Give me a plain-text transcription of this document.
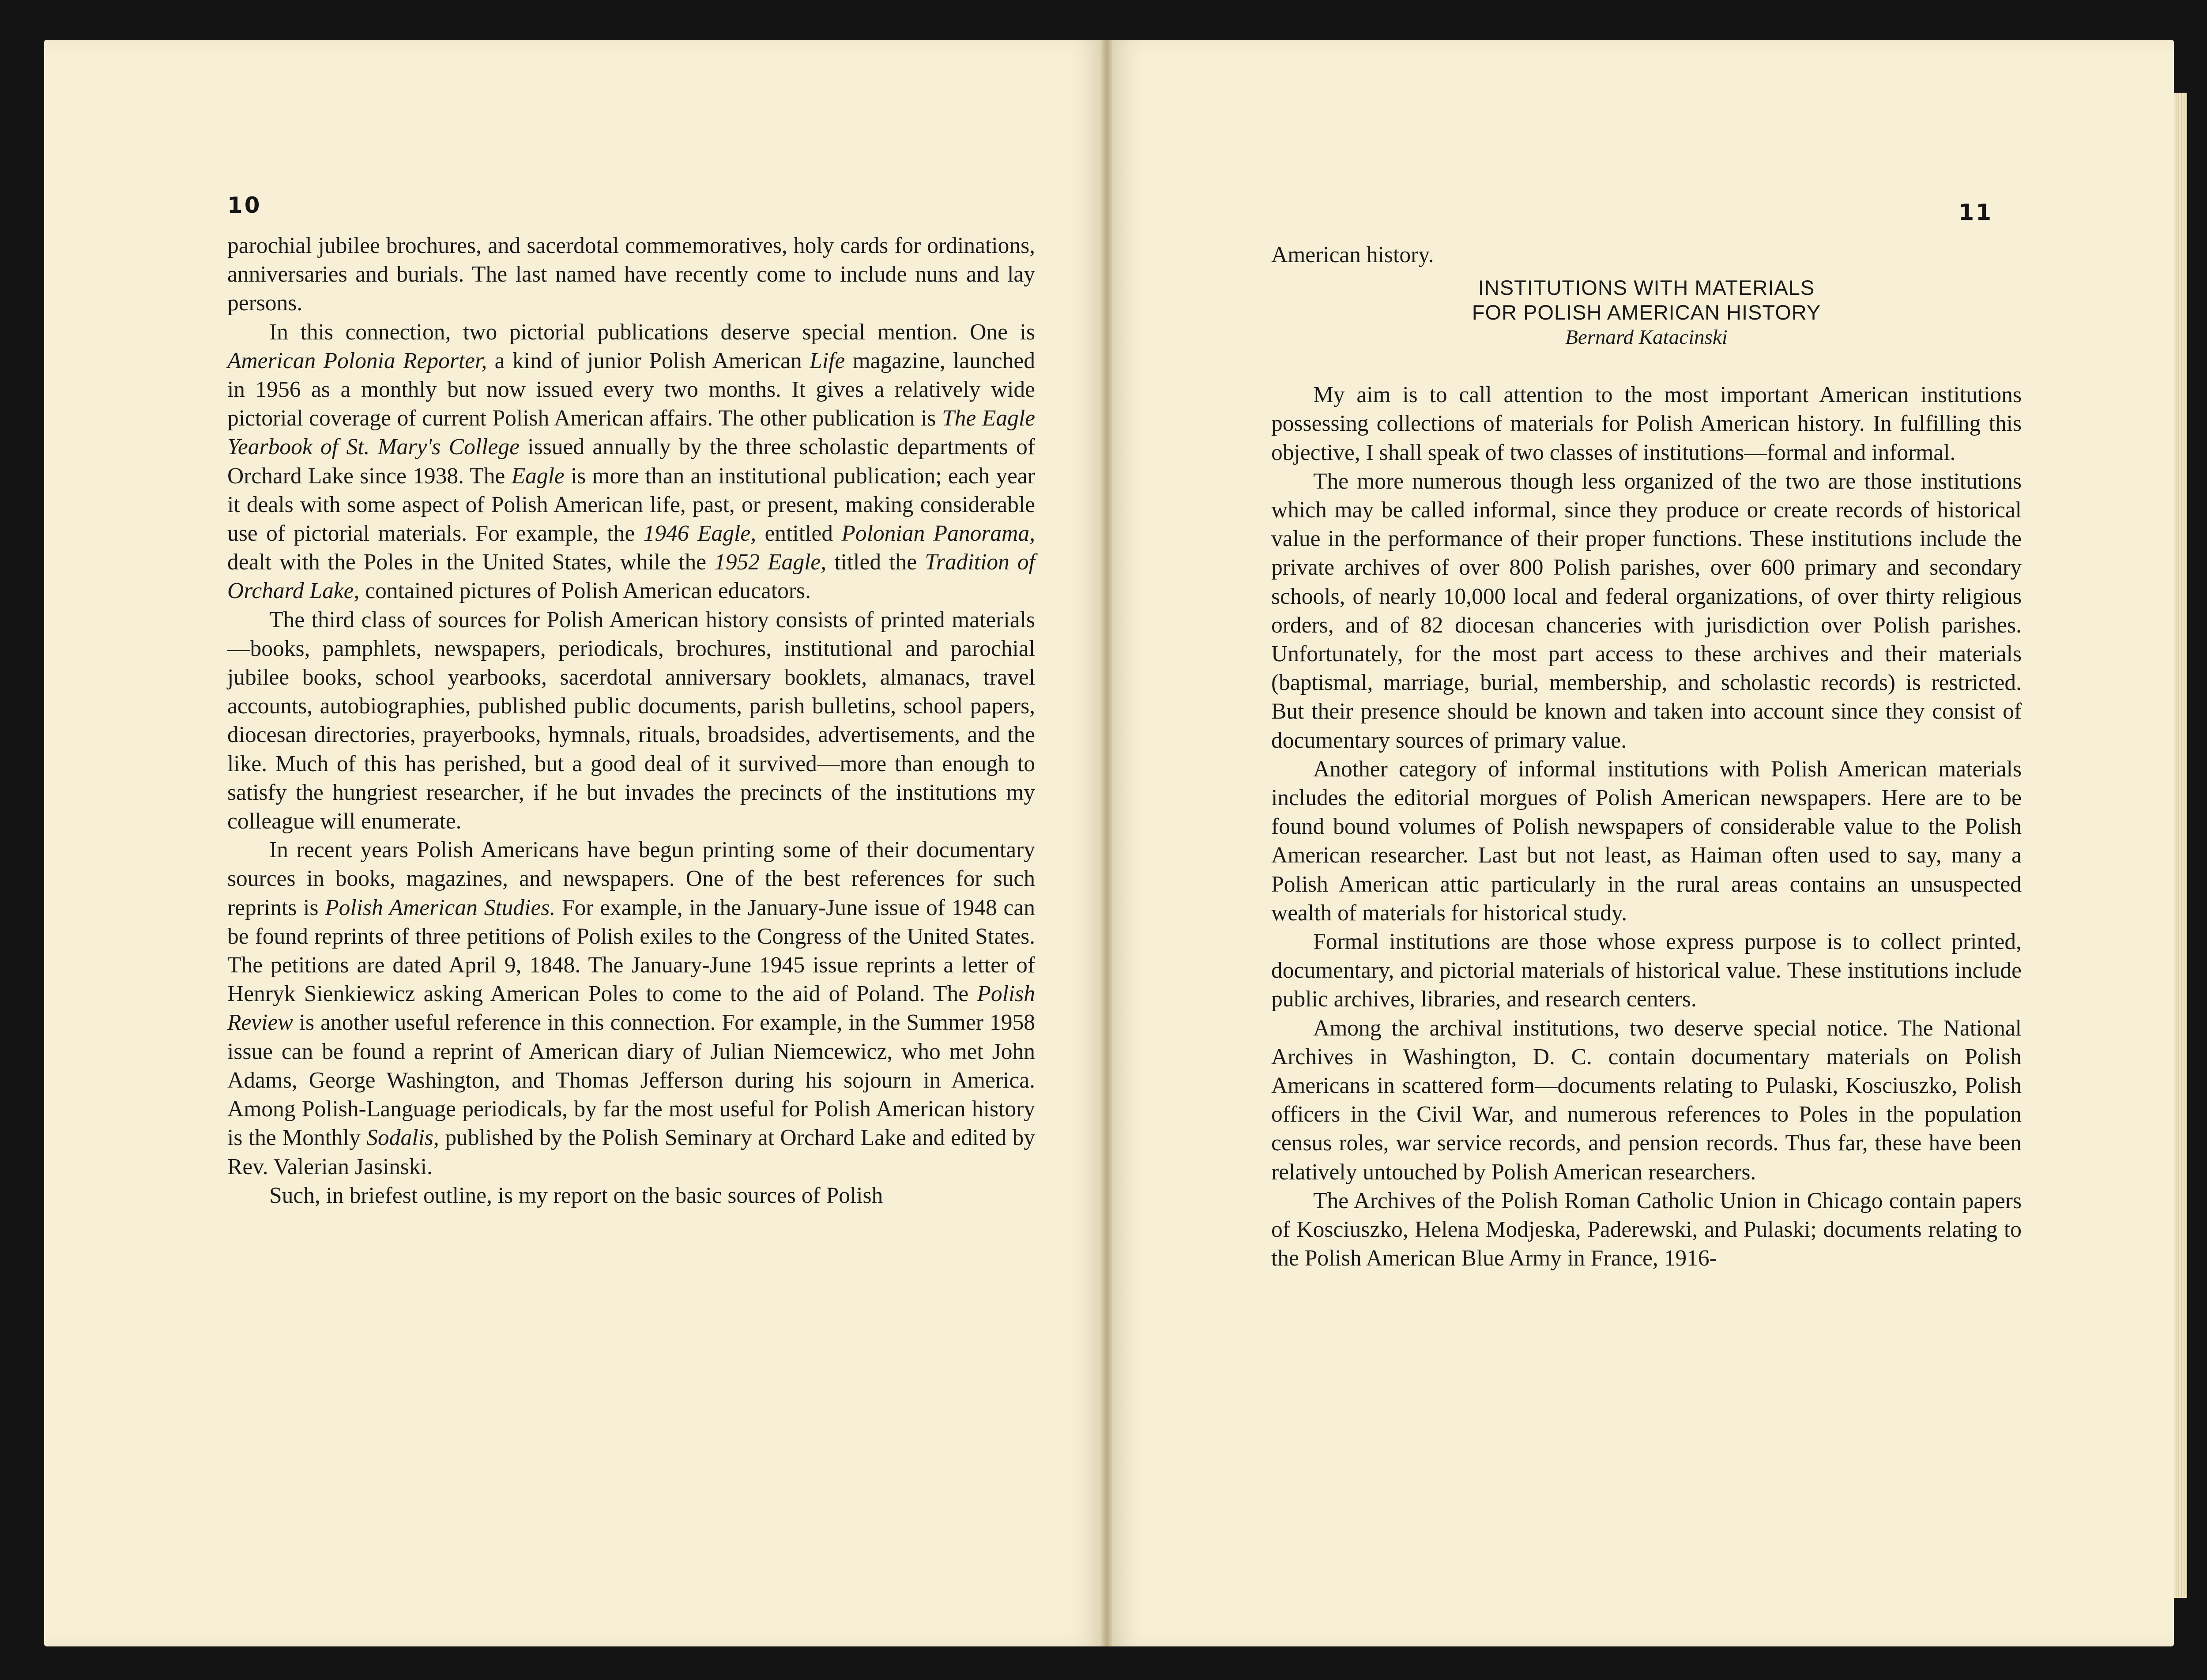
10

parochial jubilee brochures, and sacerdotal commemoratives, holy cards for ordinations, anniversaries and burials. The last named have recently come to include nuns and lay persons.

In this connection, two pictorial publications deserve special mention. One is American Polonia Reporter, a kind of junior Polish American Life magazine, launched in 1956 as a monthly but now issued every two months. It gives a relatively wide pictorial coverage of current Polish American affairs. The other publication is The Eagle Yearbook of St. Mary's College issued annually by the three scholastic departments of Orchard Lake since 1938. The Eagle is more than an institutional publication; each year it deals with some aspect of Polish American life, past, or present, making considerable use of pictorial materials. For example, the 1946 Eagle, entitled Polonian Panorama, dealt with the Poles in the United States, while the 1952 Eagle, titled the Tradition of Orchard Lake, contained pictures of Polish American educators.

The third class of sources for Polish American history consists of printed materials—books, pamphlets, newspapers, periodicals, brochures, institutional and parochial jubilee books, school yearbooks, sacerdotal anniversary booklets, almanacs, travel accounts, autobiographies, published public documents, parish bulletins, school papers, diocesan directories, prayerbooks, hymnals, rituals, broadsides, advertisements, and the like. Much of this has perished, but a good deal of it survived—more than enough to satisfy the hungriest researcher, if he but invades the precincts of the institutions my colleague will enumerate.

In recent years Polish Americans have begun printing some of their documentary sources in books, magazines, and newspapers. One of the best references for such reprints is Polish American Studies. For example, in the January-June issue of 1948 can be found reprints of three petitions of Polish exiles to the Congress of the United States. The petitions are dated April 9, 1848. The January-June 1945 issue reprints a letter of Henryk Sienkiewicz asking American Poles to come to the aid of Poland. The Polish Review is another useful reference in this connection. For example, in the Summer 1958 issue can be found a reprint of American diary of Julian Niemcewicz, who met John Adams, George Washington, and Thomas Jefferson during his sojourn in America. Among Polish-Language periodicals, by far the most useful for Polish American history is the Monthly Sodalis, published by the Polish Seminary at Orchard Lake and edited by Rev. Valerian Jasinski.

Such, in briefest outline, is my report on the basic sources of Polish

11

American history.

INSTITUTIONS WITH MATERIALS
FOR POLISH AMERICAN HISTORY
Bernard Katacinski

My aim is to call attention to the most important American institutions possessing collections of materials for Polish American history. In fulfilling this objective, I shall speak of two classes of institutions—formal and informal.

The more numerous though less organized of the two are those institutions which may be called informal, since they produce or create records of historical value in the performance of their proper functions. These institutions include the private archives of over 800 Polish parishes, over 600 primary and secondary schools, of nearly 10,000 local and federal organizations, of over thirty religious orders, and of 82 diocesan chanceries with jurisdiction over Polish parishes. Unfortunately, for the most part access to these archives and their materials (baptismal, marriage, burial, membership, and scholastic records) is restricted. But their presence should be known and taken into account since they consist of documentary sources of primary value.

Another category of informal institutions with Polish American materials includes the editorial morgues of Polish American newspapers. Here are to be found bound volumes of Polish newspapers of considerable value to the Polish American researcher. Last but not least, as Haiman often used to say, many a Polish American attic particularly in the rural areas contains an unsuspected wealth of materials for historical study.

Formal institutions are those whose express purpose is to collect printed, documentary, and pictorial materials of historical value. These institutions include public archives, libraries, and research centers.

Among the archival institutions, two deserve special notice. The National Archives in Washington, D. C. contain documentary materials on Polish Americans in scattered form—documents relating to Pulaski, Kosciuszko, Polish officers in the Civil War, and numerous references to Poles in the population census roles, war service records, and pension records. Thus far, these have been relatively untouched by Polish American researchers.

The Archives of the Polish Roman Catholic Union in Chicago contain papers of Kosciuszko, Helena Modjeska, Paderewski, and Pulaski; documents relating to the Polish American Blue Army in France, 1916-
